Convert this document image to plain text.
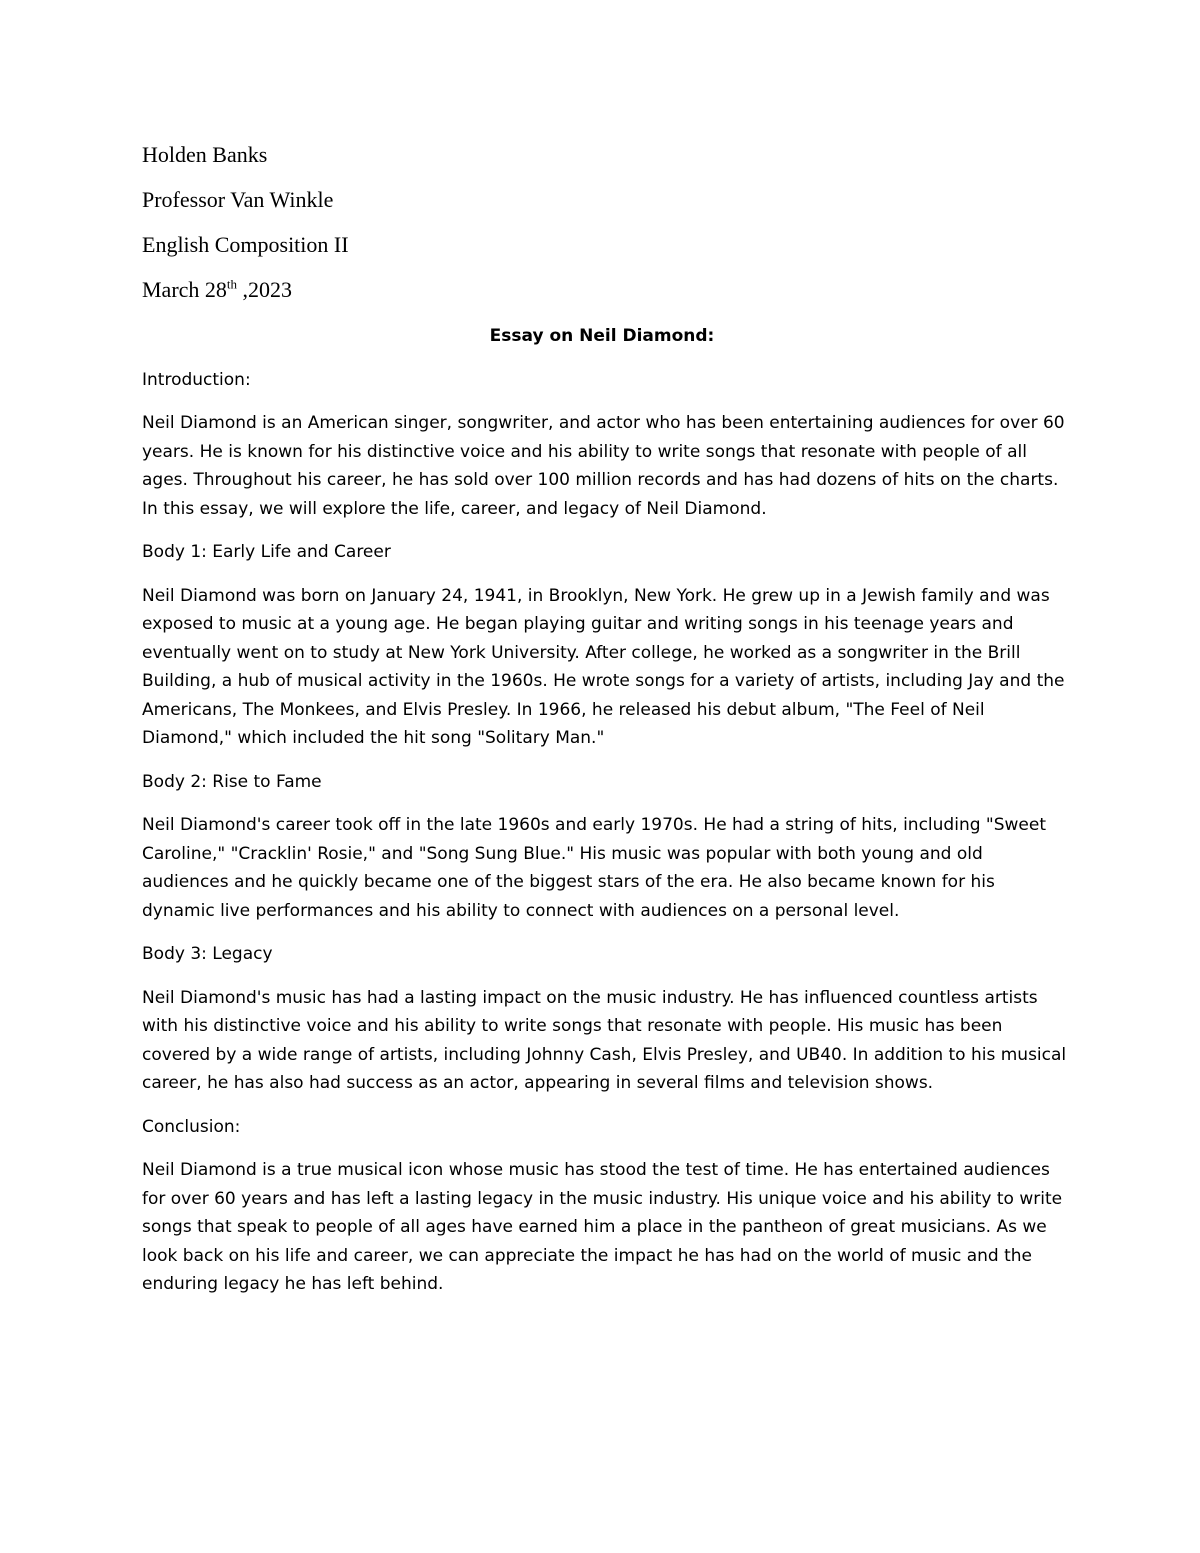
Holden Banks
Professor Van Winkle
English Composition II
March 28th ,2023
Essay on Neil Diamond:
Introduction:
Neil Diamond is an American singer, songwriter, and actor who has been entertaining audiences for over 60 years. He is known for his distinctive voice and his ability to write songs that resonate with people of all ages. Throughout his career, he has sold over 100 million records and has had dozens of hits on the charts. In this essay, we will explore the life, career, and legacy of Neil Diamond.
Body 1: Early Life and Career
Neil Diamond was born on January 24, 1941, in Brooklyn, New York. He grew up in a Jewish family and was exposed to music at a young age. He began playing guitar and writing songs in his teenage years and eventually went on to study at New York University. After college, he worked as a songwriter in the Brill Building, a hub of musical activity in the 1960s. He wrote songs for a variety of artists, including Jay and the Americans, The Monkees, and Elvis Presley. In 1966, he released his debut album, "The Feel of Neil Diamond," which included the hit song "Solitary Man."
Body 2: Rise to Fame
Neil Diamond's career took off in the late 1960s and early 1970s. He had a string of hits, including "Sweet Caroline," "Cracklin' Rosie," and "Song Sung Blue." His music was popular with both young and old audiences and he quickly became one of the biggest stars of the era. He also became known for his dynamic live performances and his ability to connect with audiences on a personal level.
Body 3: Legacy
Neil Diamond's music has had a lasting impact on the music industry. He has influenced countless artists with his distinctive voice and his ability to write songs that resonate with people. His music has been covered by a wide range of artists, including Johnny Cash, Elvis Presley, and UB40. In addition to his musical career, he has also had success as an actor, appearing in several films and television shows.
Conclusion:
Neil Diamond is a true musical icon whose music has stood the test of time. He has entertained audiences for over 60 years and has left a lasting legacy in the music industry. His unique voice and his ability to write songs that speak to people of all ages have earned him a place in the pantheon of great musicians. As we look back on his life and career, we can appreciate the impact he has had on the world of music and the enduring legacy he has left behind.
